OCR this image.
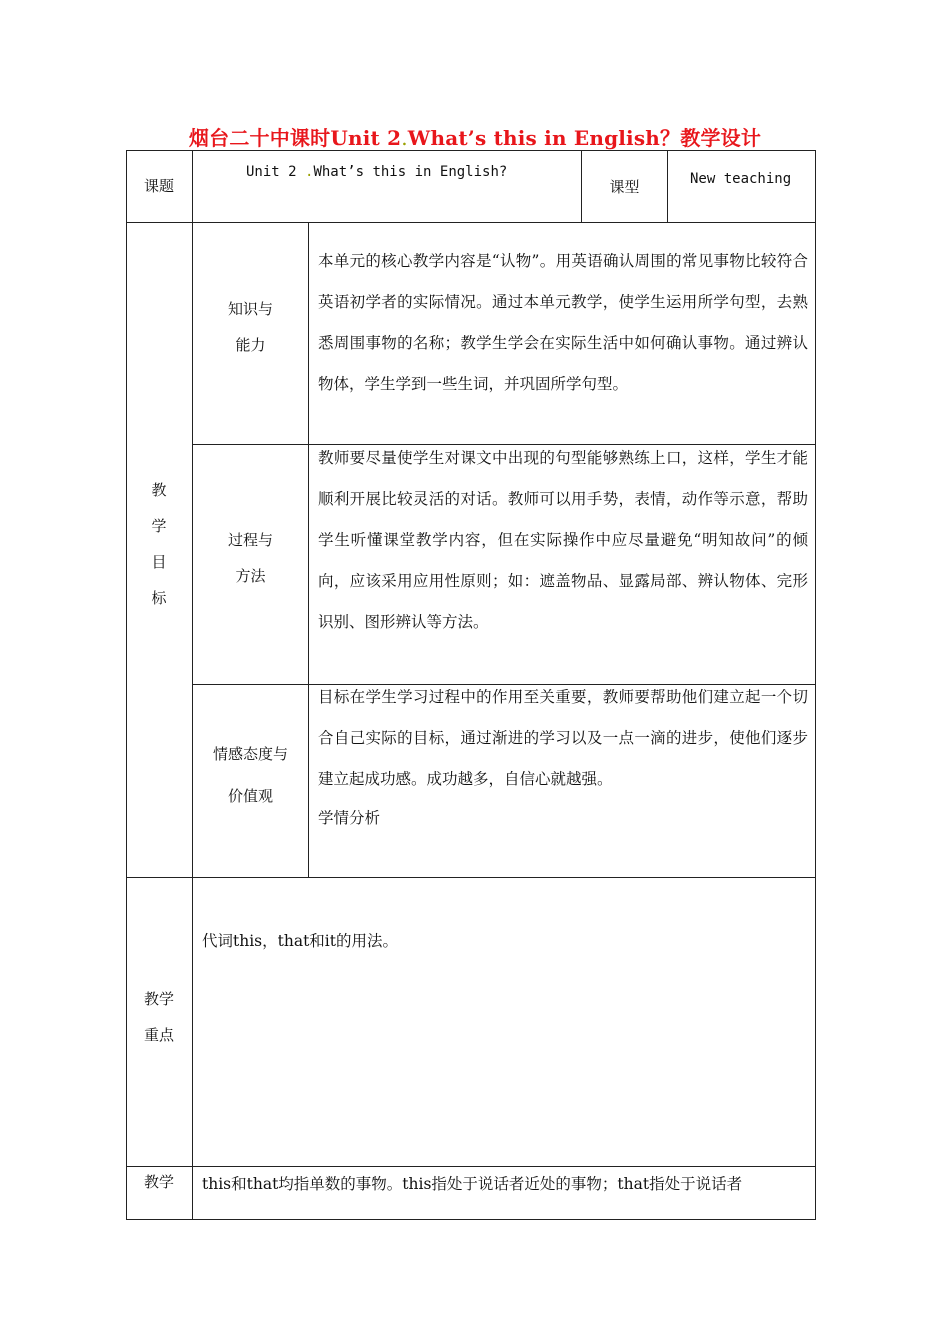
烟台二十中课时Unit 2.What’s this in English？教学设计
课题
Unit 2 .What’s this in English?
课型	New teaching
教
学
目
标
知识与
能力
本单元的核心教学内容是“认物”。用英语确认周围的常见事物比较符合英语初学者的实际情况。通过本单元教学，使学生运用所学句型，去熟悉周围事物的名称；教学生学会在实际生活中如何确认事物。通过辨认物体，学生学到一些生词，并巩固所学句型。
过程与
方法
教师要尽量使学生对课文中出现的句型能够熟练上口，这样，学生才能顺利开展比较灵活的对话。教师可以用手势，表情，动作等示意，帮助学生听懂课堂教学内容，但在实际操作中应尽量避免“明知故问”的倾向，应该采用应用性原则；如：遮盖物品、显露局部、辨认物体、完形识别、图形辨认等方法。
情感态度与
价值观
目标在学生学习过程中的作用至关重要，教师要帮助他们建立起一个切合自己实际的目标，通过渐进的学习以及一点一滴的进步，使他们逐步建立起成功感。成功越多，自信心就越强。
学情分析
教学
重点
代词this，that和it的用法。
教学	this和that均指单数的事物。this指处于说话者近处的事物；that指处于说话者
